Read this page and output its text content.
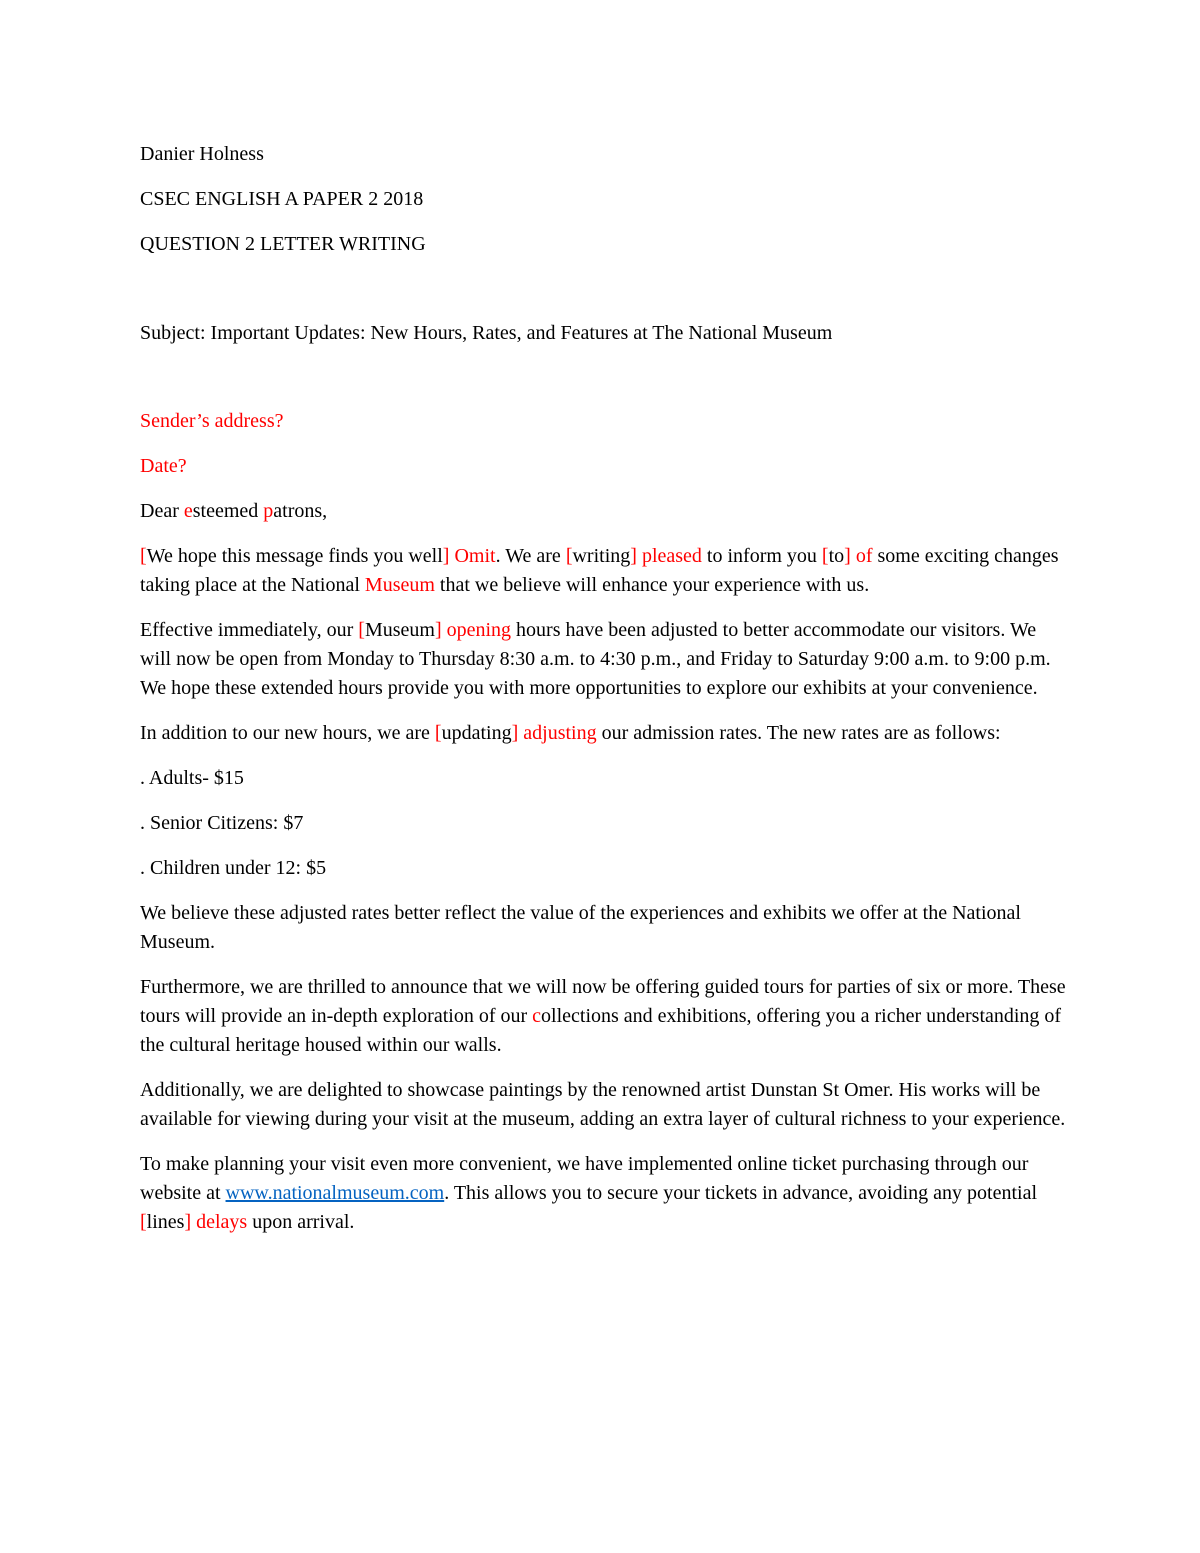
Danier Holness

CSEC ENGLISH A PAPER 2 2018

QUESTION 2 LETTER WRITING

Subject: Important Updates: New Hours, Rates, and Features at The National Museum

Sender’s address?

Date?

Dear esteemed patrons,

[We hope this message finds you well] Omit. We are [writing] pleased to inform you [to] of some exciting changes taking place at the National Museum that we believe will enhance your experience with us.

Effective immediately, our [Museum] opening hours have been adjusted to better accommodate our visitors. We will now be open from Monday to Thursday 8:30 a.m. to 4:30 p.m., and Friday to Saturday 9:00 a.m. to 9:00 p.m. We hope these extended hours provide you with more opportunities to explore our exhibits at your convenience.

In addition to our new hours, we are [updating] adjusting our admission rates. The new rates are as follows:

. Adults- $15

. Senior Citizens: $7

. Children under 12: $5

We believe these adjusted rates better reflect the value of the experiences and exhibits we offer at the National Museum.

Furthermore, we are thrilled to announce that we will now be offering guided tours for parties of six or more. These tours will provide an in-depth exploration of our collections and exhibitions, offering you a richer understanding of the cultural heritage housed within our walls.

Additionally, we are delighted to showcase paintings by the renowned artist Dunstan St Omer. His works will be available for viewing during your visit at the museum, adding an extra layer of cultural richness to your experience.

To make planning your visit even more convenient, we have implemented online ticket purchasing through our website at www.nationalmuseum.com. This allows you to secure your tickets in advance, avoiding any potential [lines] delays upon arrival.
